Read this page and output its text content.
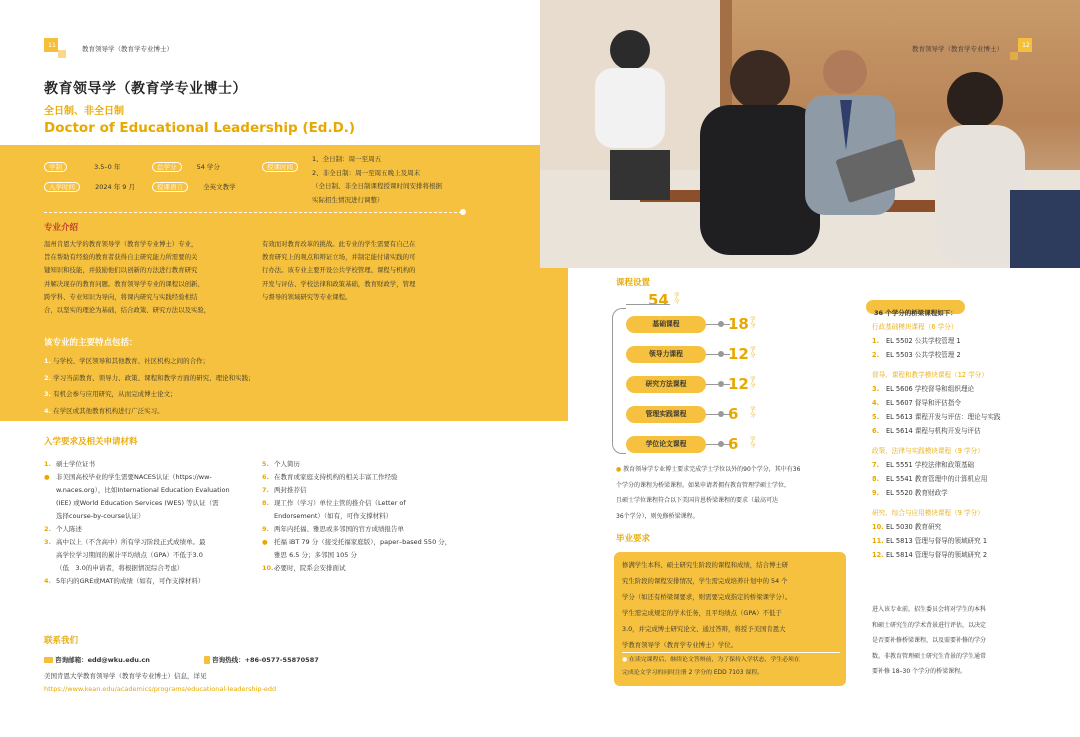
11	教育领导学（教育学专业博士）
教育领导学（教育学专业博士）
全日制、非全日制
Doctor of Educational Leadership (Ed.D.)
学制	3.5–0 年	总学分	54 学分
入学时间	2024 年 9 月	授课语言	全英文教学
授课时间
1、全日制：周一至周五
2、非全日制：周一至周五晚上及周末
（全日制、非全日制课程授课时间安排将根据
实际招生情况进行调整）
专业介绍
温州肯恩大学的教育领导学（教育学专业博士）专业，
旨在帮助有经验的教育者获得自主研究能力所需要的关
键知识和技能，并鼓励他们以创新的方法进行教育研究
并解决现存的教育问题。教育领导学专业的课程以创新、
跨学科、专业知识为导向，将课内研究与实践经验相结
合，以坚实的理论为基础，结合政策、研究方法以及实验，
有效而对教育改革的挑战。此专业的学生需要有自己在
教育研究上的观点和辩证立场，并制定能付诸实践的可
行办法。该专业主要开设公共学校管理、课程与机构的
开发与评估、学校法律和政策基础，教育财政学，管理
与督导的领域研究等专业课程。
该专业的主要特点包括：
1. 与学校、学区领导和其他教育、社区机构之间的合作；
2. 学习当前教育、领导力、政策、课程和教学方面的研究、理论和实践；
3. 有机会参与应用研究，从而完成博士论文；
4. 在学区或其他教育机构进行广泛实习。
入学要求及相关申请材料
1. 硕士学位证书
● 非美国高校毕业的学生需要NACES认证（https://ww-
w.naces.org），比如International Education Evaluation
(IEE) 或World Education Services (WES) 等认证（需
选择course-by-course认证）
2. 个人陈述
3. 高中以上（不含高中）所有学习阶段正式成绩单。最
高学位学习期间的累计平均绩点（GPA）不低于3.0
（低　3.0的申请者，将根据情况综合考虑）
4. 5年内的GRE或MAT的成绩（如有，可作支撑材料）
5. 个人简历
6. 在教育或家庭支持机构的相关丰富工作经验
7. 两封推荐信
8. 现工作（学习）单位主管的推介信（Letter of
Endorsement）（如有，可作支撑材料）
9. 两年内托福、雅思或多邻国的官方成绩报告单
● 托福 iBT 79 分（接受托福家庭版），paper–based 550 分，
雅思 6.5 分；多邻国 105 分
10.必要时，院系会安排面试
联系我们
咨询邮箱：edd@wku.edu.cn	咨询热线：+86-0577-55870587
美国肯恩大学教育领导学（教育学专业博士）信息，详见
https://www.kean.edu/academics/programs/educational-leadership-edd
教育领导学（教育学专业博士）	12
课程设置
54 学分
基础课程	18 学分
领导力课程	12 学分
研究方法课程	12 学分
管理实践课程	6 学分
学位论文课程	6 学分
● 教育领导学专业博士要求完成学士学位以外的90个学分，其中有36
个学分的课程为桥梁课程。如果申请者拥有教育管理学硕士学位，
且硕士学位课程符合以下美国肯恩桥梁课程的要求（最高可达
36个学分），则免修桥梁课程。
毕业要求
修满学生本科、硕士研究生阶段的课程和成绩，结合博士研
究生阶段的课程安排情况，学生需完成培养计划中的 54 个
学分（如还有桥梁课要求，则需要完成指定的桥梁课学分）。
学生需完成规定的学术任务，且平均绩点（GPA）不低于
3.0，并完成博士研究论文、通过答辩，将授予美国肯恩大
学教育领导学（教育学专业博士）学位。
● 在读完课程后，继续论文答辩前，为了保持入学状态，学生必须在
完成论文学习的同时注册 2 学分的 EDD 7103 课程。
36 个学分的桥梁课程如下：
行政基础模块课程（6 学分）
1. EL 5502 公共学校管理 1
2. EL 5503 公共学校管理 2
督导、课程和教学模块课程（12 学分）
3. EL 5606 学校督导和组织理论
4. EL 5607 督导和评估指令
5. EL 5613 课程开发与评估：理论与实践
6. EL 5614 课程与机构开发与评估
政策、法律与实践模块课程（9 学分）
7. EL 5551 学校法律和政策基础
8. EL 5541 教育管理中的计算机应用
9. EL 5520 教育财政学
研究、综合与应用模块课程（9 学分）
10. EL 5030 教育研究
11. EL 5813 管理与督导的领域研究 1
12. EL 5814 管理与督导的领域研究 2
进入该专业前，招生委员会将对学生的本科
和硕士研究生的学术背景进行评估，以决定
是否要补修桥梁课程，以及需要补修的学分
数。非教育管理硕士研究生背景的学生通常
要补修 18–30 个学分的桥梁课程。
